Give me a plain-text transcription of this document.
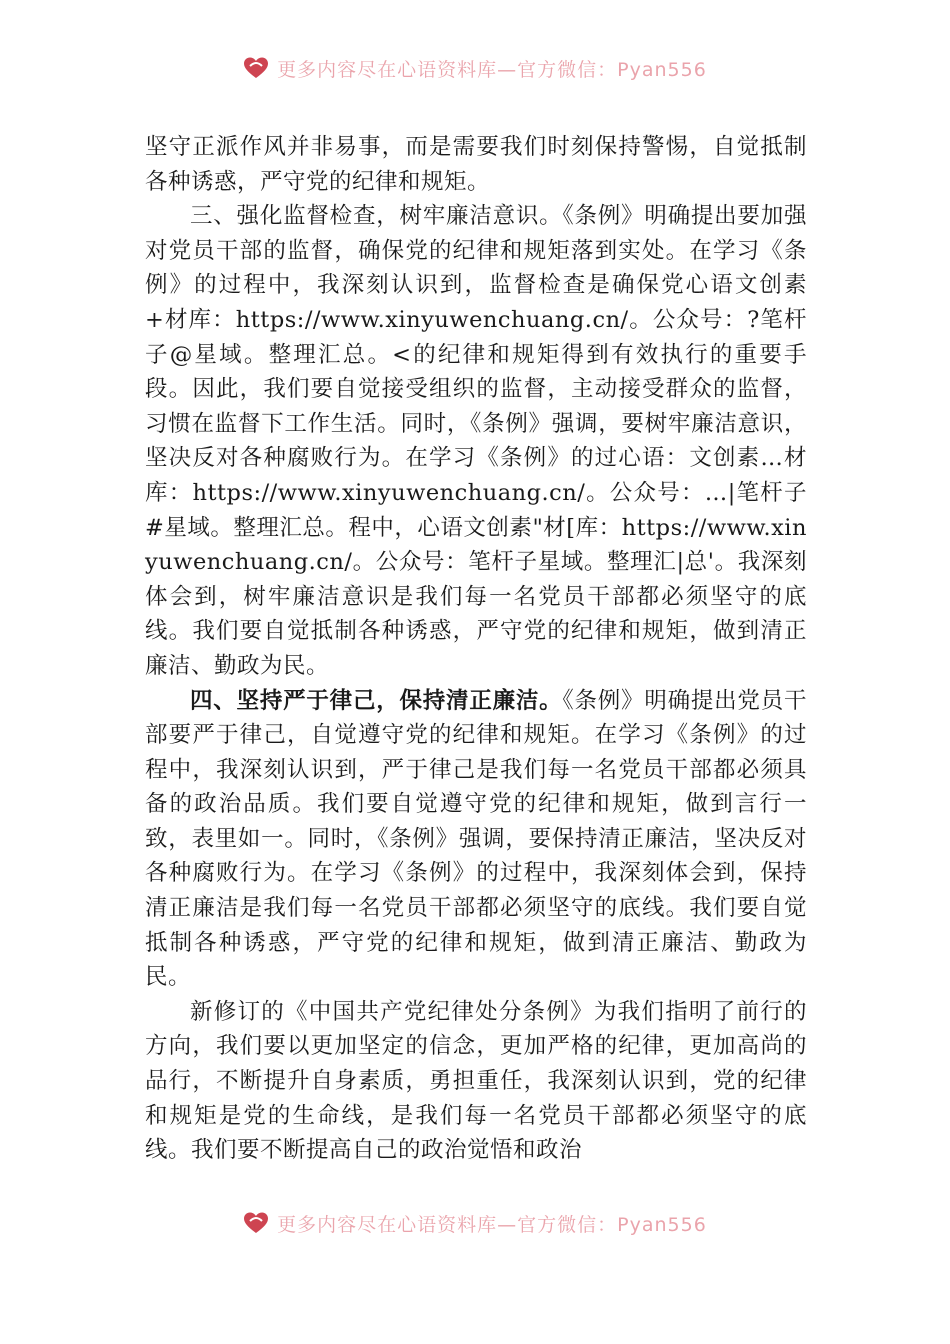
更多内容尽在心语资料库—官方微信：Pyan556

坚守正派作风并非易事，而是需要我们时刻保持警惕，自觉抵制各种诱惑，严守党的纪律和规矩。

三、强化监督检查，树牢廉洁意识。《条例》明确提出要加强对党员干部的监督，确保党的纪律和规矩落到实处。在学习《条例》的过程中，我深刻认识到，监督检查是确保党心语文创素+材库：https://www.xinyuwenchuang.cn/。公众号：?笔杆子@星域。整理汇总。<的纪律和规矩得到有效执行的重要手段。因此，我们要自觉接受组织的监督，主动接受群众的监督，习惯在监督下工作生活。同时，《条例》强调，要树牢廉洁意识，坚决反对各种腐败行为。在学习《条例》的过心语：文创素…材库：https://www.xinyuwenchuang.cn/。公众号：…|笔杆子#星域。整理汇总。程中，心语文创素"材[库：https://www.xinyuwenchuang.cn/。公众号：笔杆子星域。整理汇|总'。我深刻体会到，树牢廉洁意识是我们每一名党员干部都必须坚守的底线。我们要自觉抵制各种诱惑，严守党的纪律和规矩，做到清正廉洁、勤政为民。

四、坚持严于律己，保持清正廉洁。《条例》明确提出党员干部要严于律己，自觉遵守党的纪律和规矩。在学习《条例》的过程中，我深刻认识到，严于律己是我们每一名党员干部都必须具备的政治品质。我们要自觉遵守党的纪律和规矩，做到言行一致，表里如一。同时，《条例》强调，要保持清正廉洁，坚决反对各种腐败行为。在学习《条例》的过程中，我深刻体会到，保持清正廉洁是我们每一名党员干部都必须坚守的底线。我们要自觉抵制各种诱惑，严守党的纪律和规矩，做到清正廉洁、勤政为民。

新修订的《中国共产党纪律处分条例》为我们指明了前行的方向，我们要以更加坚定的信念，更加严格的纪律，更加高尚的品行，不断提升自身素质，勇担重任，我深刻认识到，党的纪律和规矩是党的生命线，是我们每一名党员干部都必须坚守的底线。我们要不断提高自己的政治觉悟和政治

更多内容尽在心语资料库—官方微信：Pyan556
